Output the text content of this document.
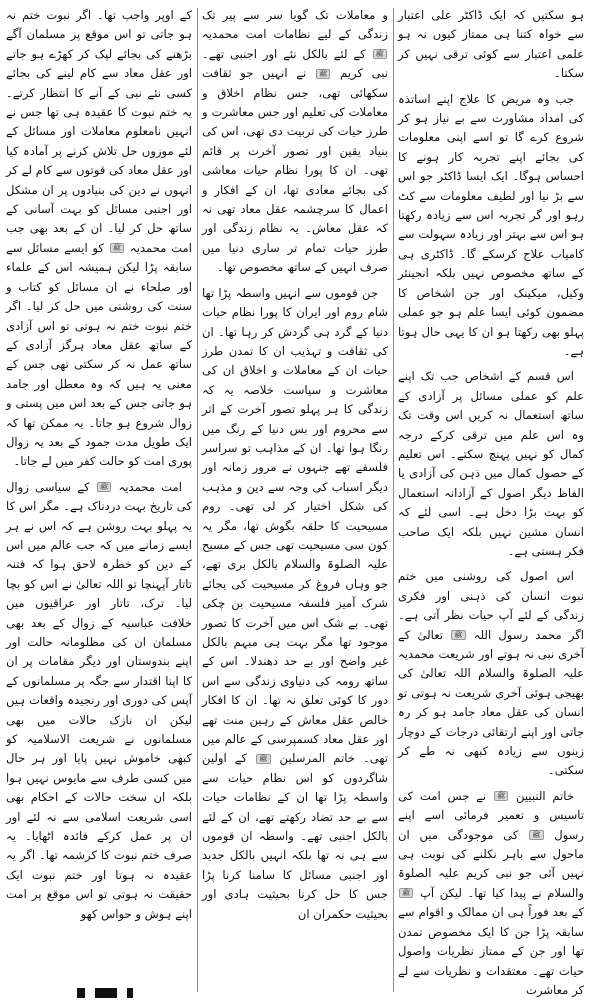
ہو سکتیں کہ ایک ڈاکٹر علی اعتبار سے خواہ کتنا ہی ممتاز کیوں نہ ہو علمی اعتبار سے کوئی ترقی نہیں کر سکتا۔

جب وہ مریض کا علاج اپنے اساتذہ کی امداد مشاورت سے بے نیاز ہو کر شروع کرے گا تو اسے اپنی معلومات کی بجائے اپنے تجربہ کار ہونے کا احساس ہوگا۔ ایک ایسا ڈاکٹر جو اس سے بڑ نیا اور لطیف معلومات سے کٹ رہو اور گر تجربہ اس سے زیادہ رکھتا ہو اس سے بہتر اور زیادہ سہولت سے کامیاب علاج کرسکے گا۔ ڈاکٹری ہی کے ساتھ مخصوص نہیں بلکہ انجینئر وکیل، میکینک اور جن اشخاص کا مضمون کوئی ایسا علم ہو جو عملی پہلو بھی رکھتا ہو ان کا یہی حال ہوتا ہے۔

اس قسم کے اشخاص جب تک اپنے علم کو عملی مسائل پر آزادی کے ساتھ استعمال نہ کریں اس وقت تک وہ اس علم میں ترقی کرکے درجہ کمال کو نہیں پہنچ سکتے۔ اس تعلیم کے حصول کمال میں ذہن کی آزادی یا الفاظ دیگر اصول کے آزادانہ استعمال کو بہت بڑا دخل ہے۔ اسی لئے کہ انسان مشین نہیں بلکہ ایک صاحب فکر ہستی ہے۔

اس اصول کی روشنی میں ختم نبوت انسان کی ذہنی اور فکری زندگی کے لئے آپ حیات نظر آتی ہے۔ اگر محمد رسول اللہ ﷺ تعالیٰ کے آخری نبی نہ ہوتے اور شریعت محمدیہ علیہ الصلوۃ والسلام اللہ تعالیٰ کی بھیجی ہوئی آخری شریعت نہ ہوتی تو انسان کی عقل معاد جامد ہو کر رہ جاتی اور اپنے ارتقائی درجات کے دوچار زینوں سے زیادہ کبھی نہ طے کر سکتی۔

خاتم النبیین ﷺ نے جس امت کی تاسیس و تعمیر فرمائی اسے اپنے رسول ﷺ کی موجودگی میں ان ماحول سے باہر نکلنے کی نوبت ہی نہیں آئی جو نبی کریم علیہ الصلوۃ والسلام نے پیدا کیا تھا۔ لیکن آپ ﷺ کے بعد فوراً ہی ان ممالک و اقوام سے سابقہ پڑا جن کا ایک مخصوص تمدن تھا اور جن کے ممتاز نظریات واصول حیات تھے۔ معتقدات و نظریات سے لے کر معاشرت

و معاملات تک گویا سر سے پیر تک زندگی کے لیے نظامات امت محمدیہ ﷺ کے لئے بالکل نئے اور اجنبی تھے۔ نبی کریم ﷺ نے انہیں جو ثقافت سکھائی تھی، جس نظام اخلاق و معاملات کی تعلیم اور جس معاشرت و طرز حیات کی تربیت دی تھی، اس کی بنیاد یقین اور تصور آخرت پر قائم تھی۔ ان کا پورا نظام حیات معاشی کی بجائے معادی تھا، ان کے افکار و اعمال کا سرچشمہ عقل معاد تھی نہ کہ عقل معاش۔ یہ نظام زندگی اور طرز حیات تمام تر ساری دنیا میں صرف انہیں کے ساتھ مخصوص تھا۔

جن قوموں سے انہیں واسطہ پڑا تھا شام روم اور ایران کا پورا نظام حیات دنیا کے گرد ہی گردش کر رہا تھا۔ ان کی ثقافت و تہذیب ان کا تمدن طرز حیات ان کے معاملات و اخلاق ان کی معاشرت و سیاست خلاصہ یہ کہ زندگی کا ہر پہلو تصور آخرت کے اثر سے محروم اور بس دنیا کے رنگ میں رنگا ہوا تھا۔ ان کے مذاہب تو سراسر فلسفے تھے جنہوں نے مرور زمانہ اور دیگر اسباب کی وجہ سے دین و مذہب کی شکل اختیار کر لی تھی۔ روم مسیحیت کا حلقہ بگوش تھا، مگر یہ کون سی مسیحیت تھی جس کے مسیح علیہ الصلوۃ والسلام بالکل بری تھے، جو وہاں فروغ کر مسیحیت کی بجائے شرک آمیز فلسفہ مسیحیت بن چکی تھی۔ بے شک اس میں آخرت کا تصور موجود تھا مگر بہت ہی مبہم بالکل غیر واضح اور بے حد دھندلا۔ اس کے ساتھ رومہ کی دنیاوی زندگی سے اس دور کا کوئی تعلق نہ تھا۔ ان کا افکار خالص عقل معاش کے رہین منت تھے اور عقل معاد کسمپرسی کے عالم میں تھی۔ خاتم المرسلین ﷺ کے اولین شاگردوں کو اس نظام حیات سے واسطہ پڑا تھا ان کے نظامات حیات سے بے حد تضاد رکھتے تھے، ان کے لئے بالکل اجنبی تھے۔ واسطہ ان قوموں سے ہی نہ تھا بلکہ انہیں بالکل جدید اور اجنبی مسائل کا سامنا کرنا پڑا جس کا حل کرنا بحیثیت ہادی اور بحیثیت حکمران ان

کے اوپر واجب تھا۔ اگر نبوت ختم نہ ہو جاتی تو اس موقع پر مسلمان آگے بڑھنے کی بجائے لپک کر کھڑے ہو جاتے اور عقل معاد سے کام لینے کی بجائے کسی نئے نبی کے آنے کا انتظار کرتے۔ یہ ختم نبوت کا عقیدہ ہی تھا جس نے انہیں نامعلوم معاملات اور مسائل کے لئے موزوں حل تلاش کرنے پر آمادہ کیا اور عقل معاد کی قوتوں سے کام لے کر انہوں نے دین کی بنیادوں پر ان مشکل اور اجنبی مسائل کو بہت آسانی کے ساتھ حل کر لیا۔ ان کے بعد بھی جب امت محمدیہ ﷺ کو ایسے مسائل سے سابقہ پڑا لیکن ہمیشہ اس کے علماء اور صلحاء نے ان مسائل کو کتاب و سنت کی روشنی میں حل کر لیا۔ اگر ختم نبوت ختم نہ ہوتی تو اس آزادی کے ساتھ عقل معاد ہرگز آزادی کے ساتھ عمل نہ کر سکتی تھی جس کے معنی یہ ہیں کہ وہ معطل اور جامد ہو جاتی جس کے بعد اس میں پستی و زوال شروع ہو جاتا۔ یہ ممکن تھا کہ ایک طویل مدت جمود کے بعد یہ زوال پوری امت کو حالت کفر میں لے جاتا۔

امت محمدیہ ﷺ کے سیاسی زوال کی تاریخ بہت دردناک ہے۔ مگر اس کا یہ پہلو بہت روشن ہے کہ اس نے ہر ایسے زمانے میں کہ جب عالم میں اس کے دین کو خطرہ لاحق ہوا کہ فتنہ تاتار آپہنچا تو اللہ تعالیٰ نے اس کو بچا لیا۔ ترک، تاتار اور عراقیوں میں خلافت عباسیہ کے زوال کے بعد بھی مسلمان ان کی مظلومانہ حالت اور اپنے بندوستان اور دیگر مقامات پر ان کا اپنا اقتدار سے جگہ پر مسلمانوں کے آپس کی دوری اور رنجیدہ واقعات ہیں لیکن ان نازک حالات میں بھی مسلمانوں نے شریعت الاسلامیہ کو کبھی خاموش نہیں پایا اور ہر حال میں کسی طرف سے مایوس نہیں ہوا بلکہ ان سخت حالات کے احکام بھی اسی شریعت اسلامی سے نہ لئے اور ان پر عمل کرکے فائدہ اٹھایا۔ یہ صرف ختم نبوت کا کرشمہ تھا۔ اگر یہ عقیدہ نہ ہوتا اور ختم نبوت ایک حقیقت نہ ہوتی تو اس موقع پر امت اپنے ہوش و حواس کھو
